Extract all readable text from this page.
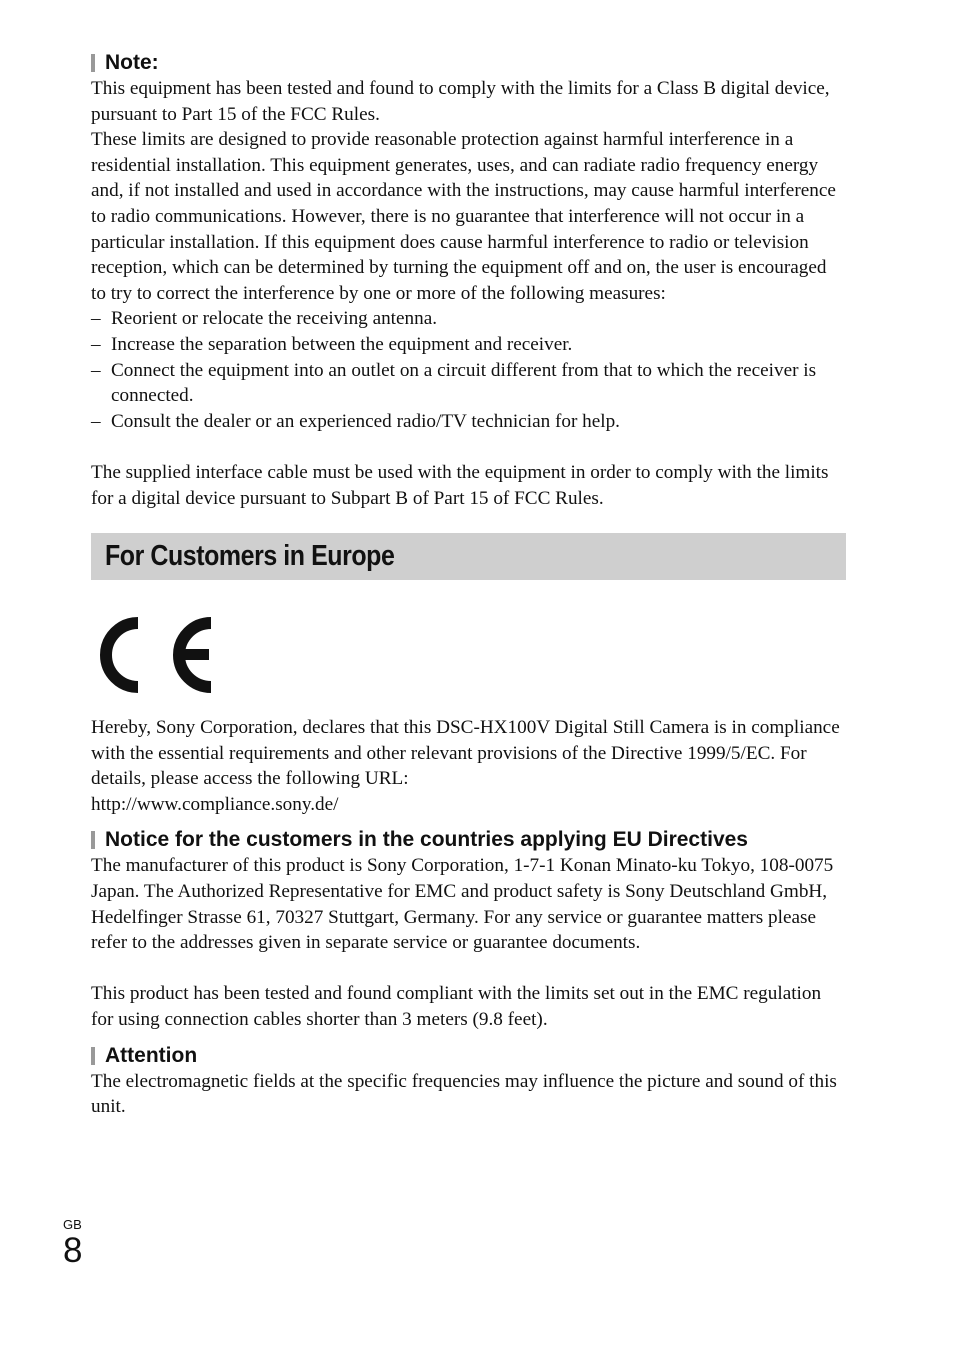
Note:

This equipment has been tested and found to comply with the limits for a Class B digital device, pursuant to Part 15 of the FCC Rules.

These limits are designed to provide reasonable protection against harmful interference in a residential installation. This equipment generates, uses, and can radiate radio frequency energy and, if not installed and used in accordance with the instructions, may cause harmful interference to radio communications. However, there is no guarantee that interference will not occur in a particular installation. If this equipment does cause harmful interference to radio or television reception, which can be determined by turning the equipment off and on, the user is encouraged to try to correct the interference by one or more of the following measures:

– Reorient or relocate the receiving antenna.
– Increase the separation between the equipment and receiver.
– Connect the equipment into an outlet on a circuit different from that to which the receiver is connected.
– Consult the dealer or an experienced radio/TV technician for help.

The supplied interface cable must be used with the equipment in order to comply with the limits for a digital device pursuant to Subpart B of Part 15 of FCC Rules.

For Customers in Europe

Hereby, Sony Corporation, declares that this DSC-HX100V Digital Still Camera is in compliance with the essential requirements and other relevant provisions of the Directive 1999/5/EC. For details, please access the following URL:

http://www.compliance.sony.de/

Notice for the customers in the countries applying EU Directives

The manufacturer of this product is Sony Corporation, 1-7-1 Konan Minato-ku Tokyo, 108-0075 Japan. The Authorized Representative for EMC and product safety is Sony Deutschland GmbH, Hedelfinger Strasse 61, 70327 Stuttgart, Germany. For any service or guarantee matters please refer to the addresses given in separate service or guarantee documents.

This product has been tested and found compliant with the limits set out in the EMC regulation for using connection cables shorter than 3 meters (9.8 feet).

Attention

The electromagnetic fields at the specific frequencies may influence the picture and sound of this unit.

GB
8
